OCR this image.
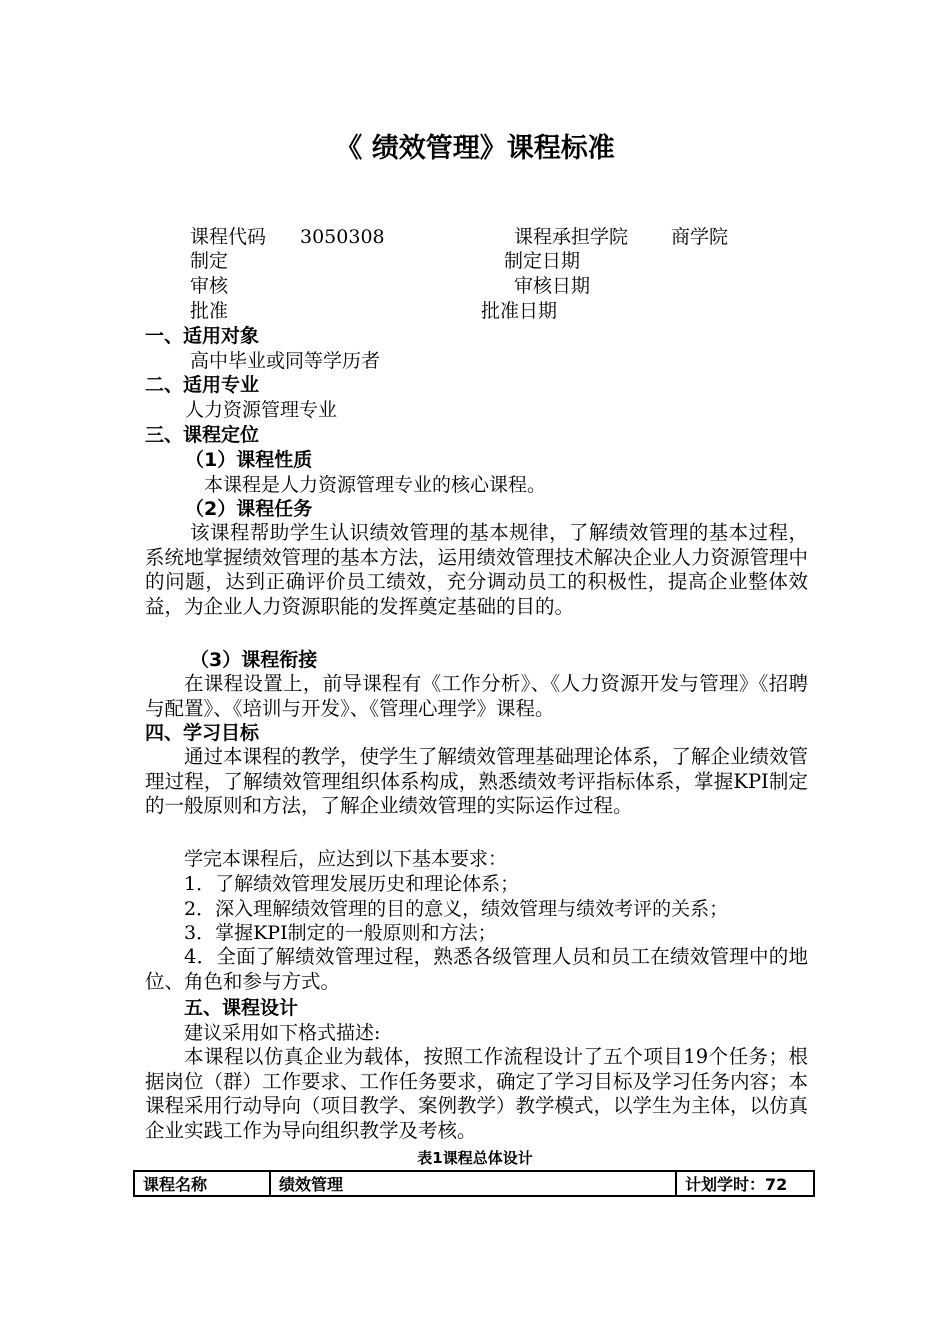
《 绩效管理》课程标准
课程代码 3050308	课程承担学院 商学院
制定	制定日期
审核	审核日期
批准	批准日期
一、适用对象
高中毕业或同等学历者
二、适用专业
人力资源管理专业
三、课程定位
（1）课程性质
本课程是人力资源管理专业的核心课程。
（2）课程任务
该课程帮助学生认识绩效管理的基本规律，了解绩效管理的基本过程，系统地掌握绩效管理的基本方法，运用绩效管理技术解决企业人力资源管理中的问题，达到正确评价员工绩效，充分调动员工的积极性，提高企业整体效益，为企业人力资源职能的发挥奠定基础的目的。
（3）课程衔接
在课程设置上，前导课程有《工作分析》、《人力资源开发与管理》《招聘与配置》、《培训与开发》、《管理心理学》课程。
四、学习目标
通过本课程的教学，使学生了解绩效管理基础理论体系，了解企业绩效管理过程，了解绩效管理组织体系构成，熟悉绩效考评指标体系，掌握KPI制定的一般原则和方法，了解企业绩效管理的实际运作过程。
学完本课程后，应达到以下基本要求：
1．了解绩效管理发展历史和理论体系；
2．深入理解绩效管理的目的意义，绩效管理与绩效考评的关系；
3．掌握KPI制定的一般原则和方法；
4．全面了解绩效管理过程，熟悉各级管理人员和员工在绩效管理中的地位、角色和参与方式。
五、课程设计
建议采用如下格式描述:
本课程以仿真企业为载体，按照工作流程设计了五个项目19个任务；根据岗位（群）工作要求、工作任务要求，确定了学习目标及学习任务内容；本课程采用行动导向（项目教学、案例教学）教学模式，以学生为主体，以仿真企业实践工作为导向组织教学及考核。
表1课程总体设计
课程名称	绩效管理	计划学时：72
